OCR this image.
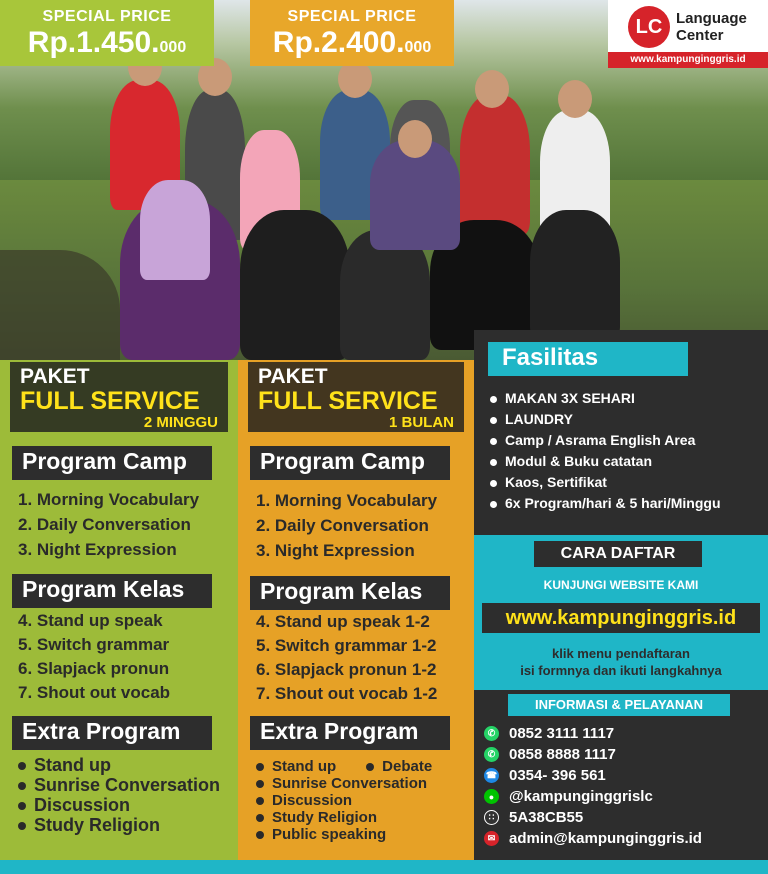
SPECIAL PRICE
Rp.1.450.000
SPECIAL PRICE
Rp.2.400.000
LC Language
Center
www.kampunginggris.id
PAKET
FULL SERVICE
2 MINGGU
Program Camp
1. Morning Vocabulary
2. Daily Conversation
3. Night Expression
Program Kelas
4. Stand up speak
5. Switch grammar
6. Slapjack pronun
7. Shout out vocab
Extra Program
Stand up
Sunrise Conversation
Discussion
Study Religion
PAKET
FULL SERVICE
1 BULAN
Program Camp
1. Morning Vocabulary
2. Daily Conversation
3. Night Expression
Program Kelas
4. Stand up speak 1-2
5. Switch grammar 1-2
6. Slapjack pronun 1-2
7. Shout out vocab 1-2
Extra Program
Stand up	Debate
Sunrise Conversation
Discussion
Study Religion
Public speaking
Fasilitas
MAKAN 3X SEHARI
LAUNDRY
Camp / Asrama English Area
Modul & Buku catatan
Kaos, Sertifikat
6x Program/hari & 5 hari/Minggu
CARA DAFTAR
KUNJUNGI WEBSITE KAMI
www.kampunginggris.id
klik menu pendaftaran
isi formnya dan ikuti langkahnya
INFORMASI & PELAYANAN
✆ 0852 3111 1117
✆ 0858 8888 1117
☎ 0354- 396 561
● @kampunginggrislc
∷ 5A38CB55
✉ admin@kampunginggris.id
